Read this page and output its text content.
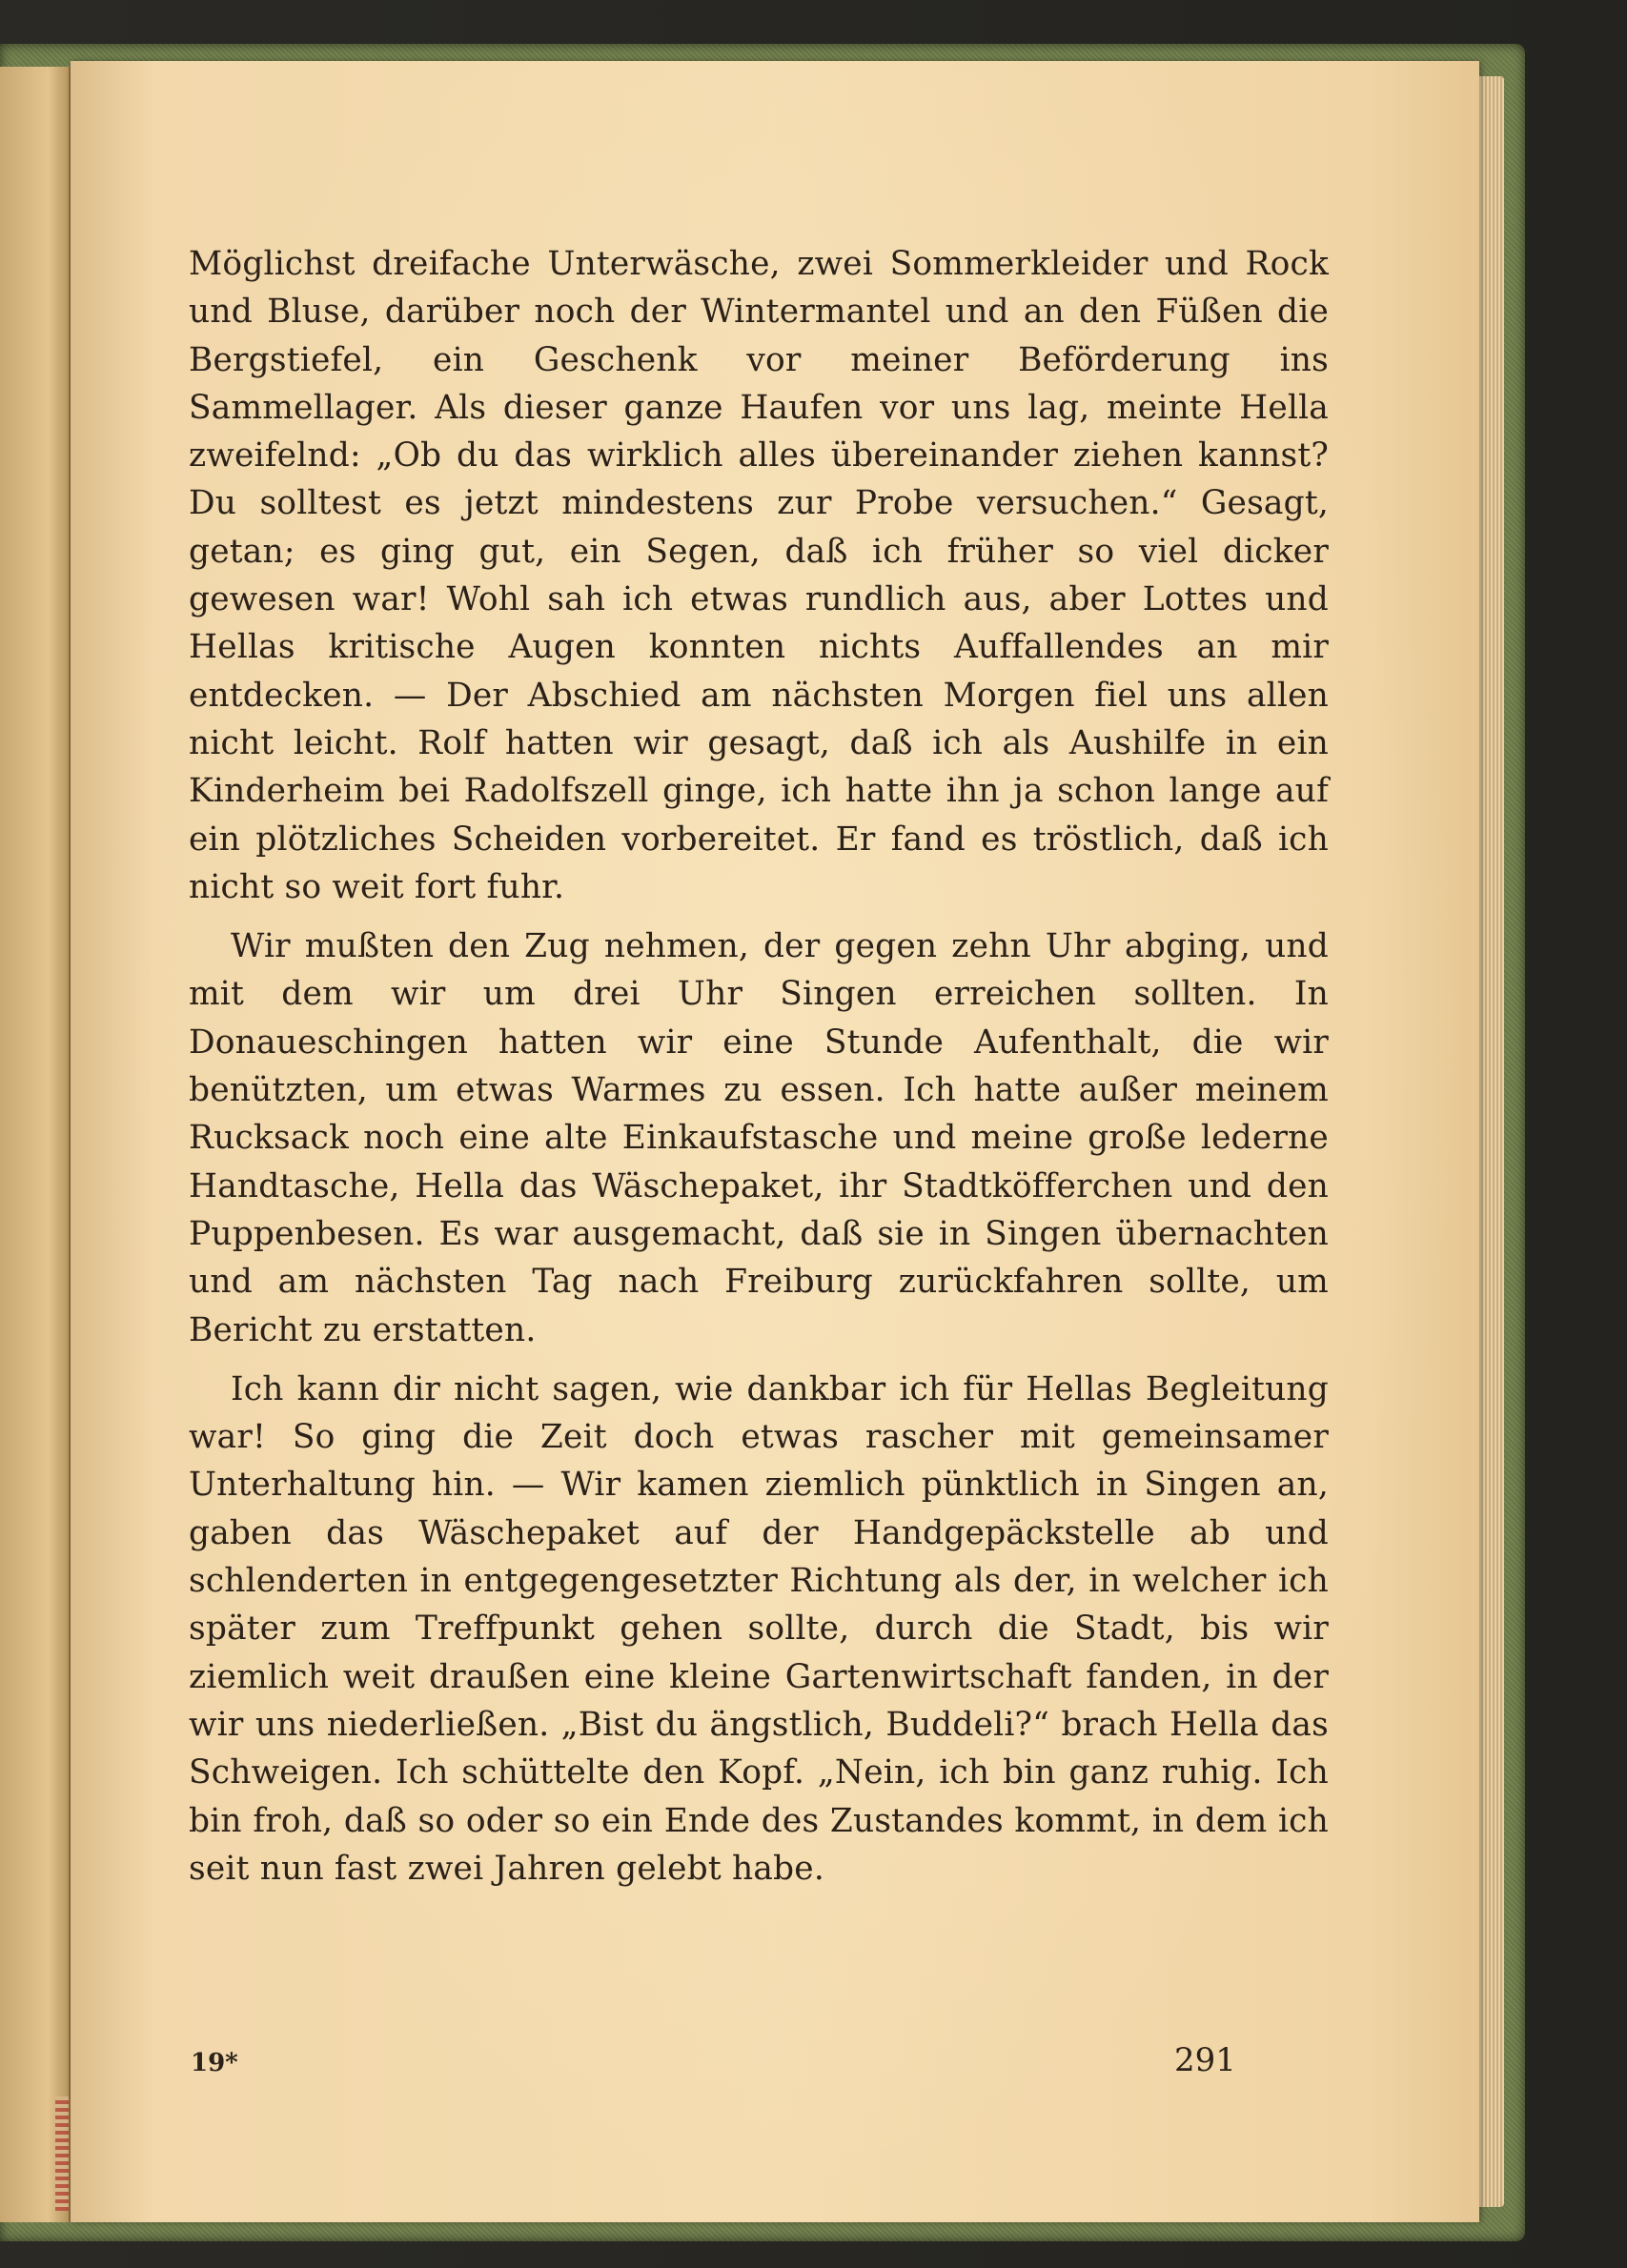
Möglichst dreifache Unterwäsche, zwei Sommerkleider und Rock und Bluse, darüber noch der Wintermantel und an den Füßen die Bergstiefel, ein Geschenk vor meiner Beförderung ins Sammellager. Als dieser ganze Haufen vor uns lag, meinte Hella zweifelnd: „Ob du das wirklich alles übereinander ziehen kannst? Du solltest es jetzt mindestens zur Probe versuchen.“ Gesagt, getan; es ging gut, ein Segen, daß ich früher so viel dicker gewesen war! Wohl sah ich etwas rundlich aus, aber Lottes und Hellas kritische Augen konnten nichts Auffallendes an mir entdecken. — Der Abschied am nächsten Morgen fiel uns allen nicht leicht. Rolf hatten wir gesagt, daß ich als Aushilfe in ein Kinderheim bei Radolfszell ginge, ich hatte ihn ja schon lange auf ein plötzliches Scheiden vorbereitet. Er fand es tröstlich, daß ich nicht so weit fort fuhr.

Wir mußten den Zug nehmen, der gegen zehn Uhr abging, und mit dem wir um drei Uhr Singen erreichen sollten. In Donaueschingen hatten wir eine Stunde Aufenthalt, die wir benützten, um etwas Warmes zu essen. Ich hatte außer meinem Rucksack noch eine alte Einkaufstasche und meine große lederne Handtasche, Hella das Wäschepaket, ihr Stadtköfferchen und den Puppenbesen. Es war ausgemacht, daß sie in Singen übernachten und am nächsten Tag nach Freiburg zurückfahren sollte, um Bericht zu erstatten.

Ich kann dir nicht sagen, wie dankbar ich für Hellas Begleitung war! So ging die Zeit doch etwas rascher mit gemeinsamer Unterhaltung hin. — Wir kamen ziemlich pünktlich in Singen an, gaben das Wäschepaket auf der Handgepäckstelle ab und schlenderten in entgegengesetzter Richtung als der, in welcher ich später zum Treffpunkt gehen sollte, durch die Stadt, bis wir ziemlich weit draußen eine kleine Gartenwirtschaft fanden, in der wir uns niederließen. „Bist du ängstlich, Buddeli?“ brach Hella das Schweigen. Ich schüttelte den Kopf. „Nein, ich bin ganz ruhig. Ich bin froh, daß so oder so ein Ende des Zustandes kommt, in dem ich seit nun fast zwei Jahren gelebt habe.

19*	291
